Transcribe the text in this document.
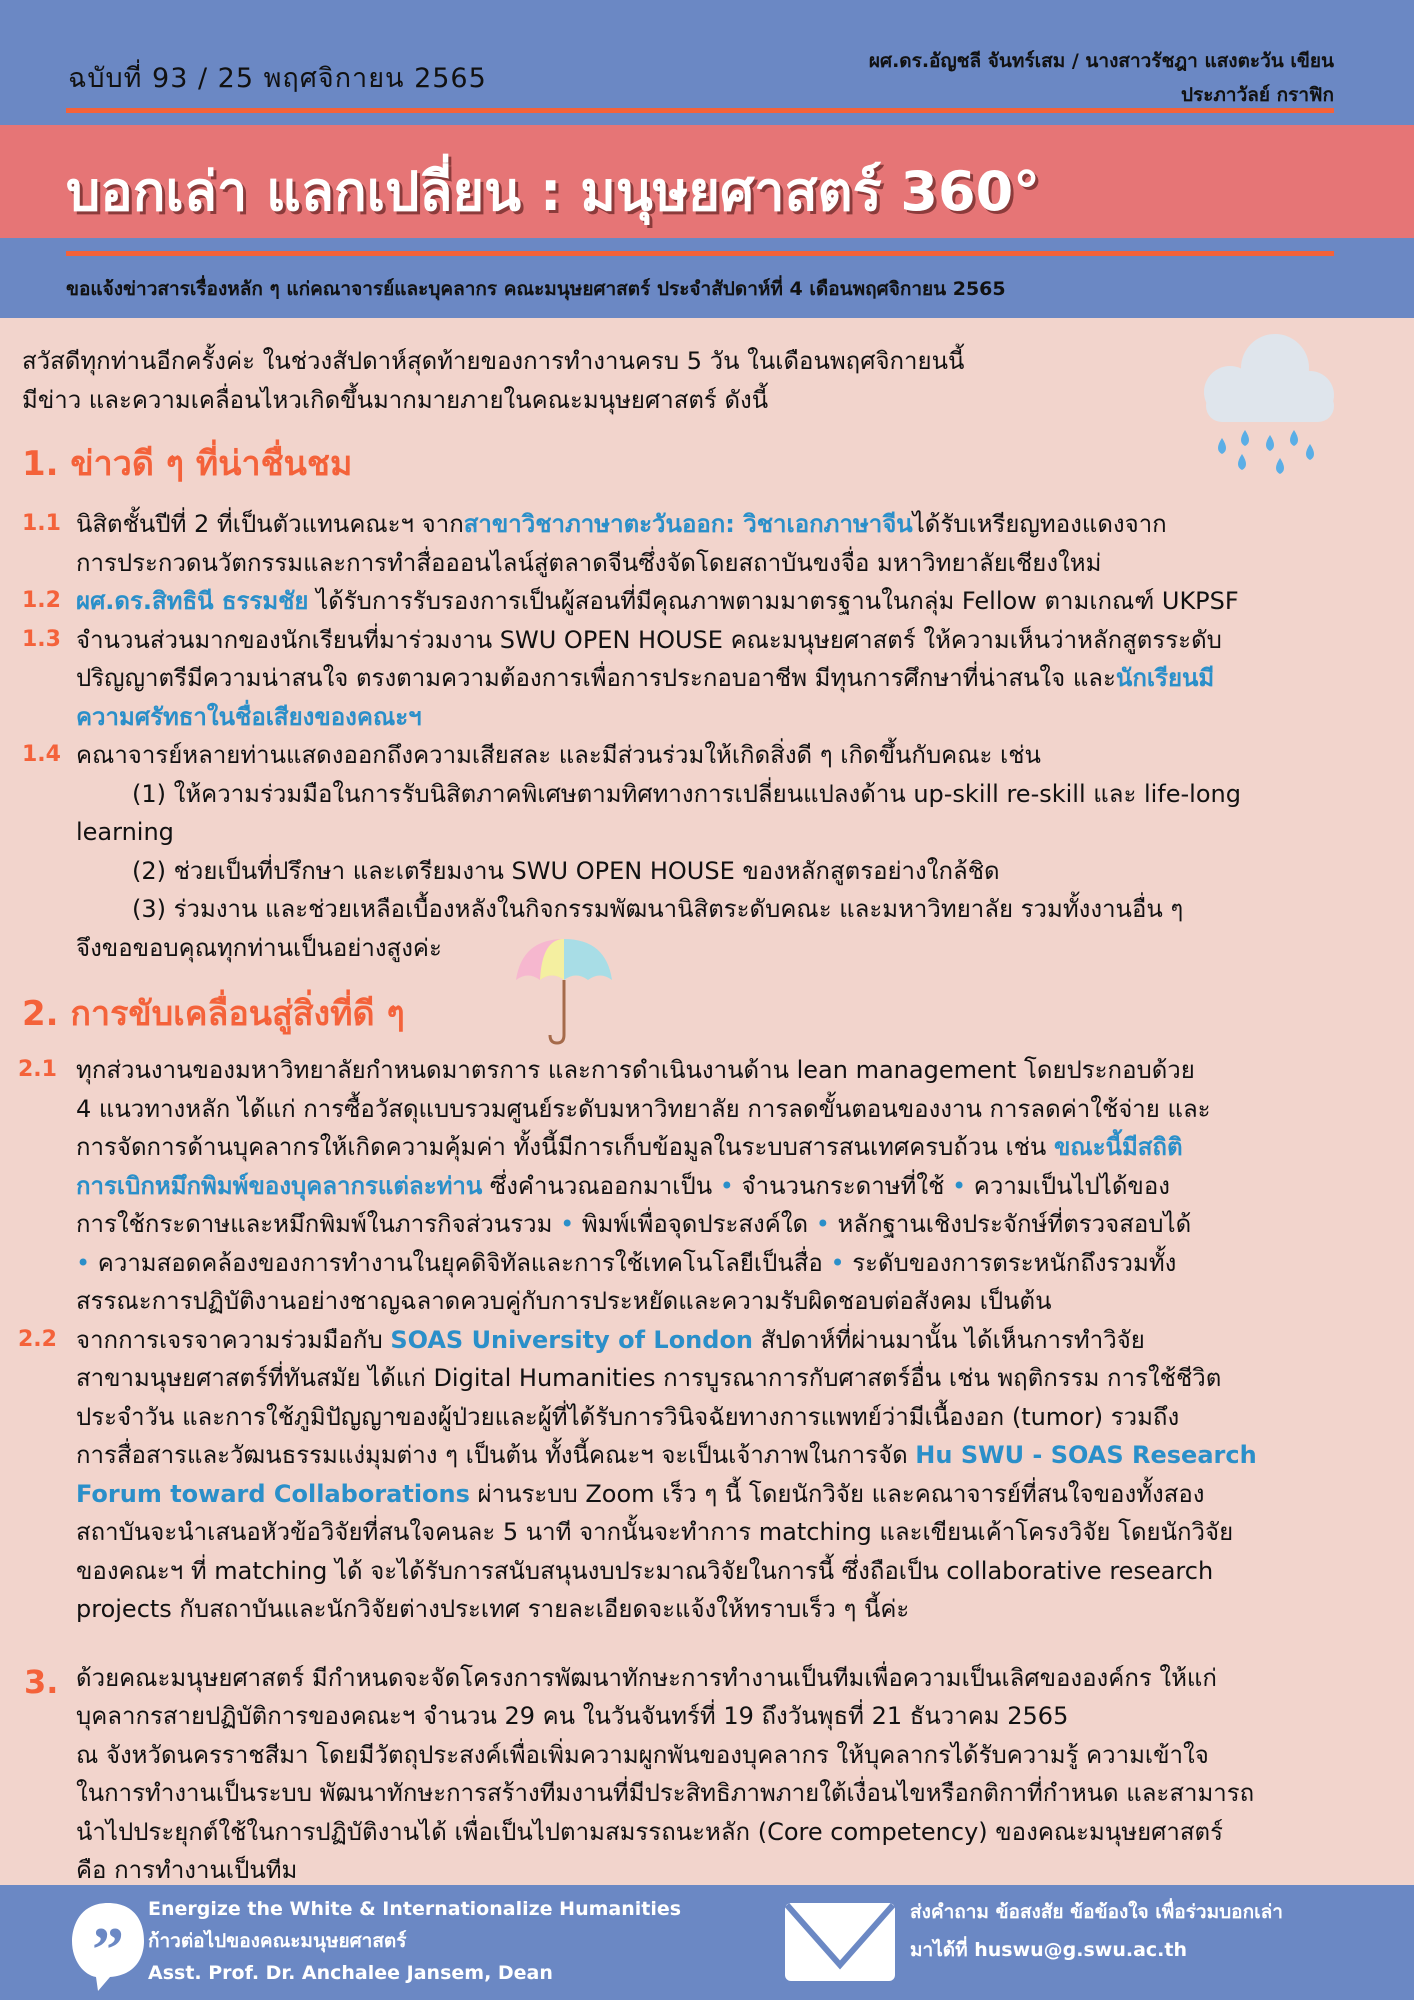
ฉบับที่ 93 / 25 พฤศจิกายน 2565
ผศ.ดร.อัญชลี จันทร์เสม / นางสาวรัชฎา แสงตะวัน เขียน
ประภาวัลย์ กราฟิก
บอกเล่า แลกเปลี่ยน : มนุษยศาสตร์ 360°
ขอแจ้งข่าวสารเรื่องหลัก ๆ แก่คณาจารย์และบุคลากร คณะมนุษยศาสตร์ ประจำสัปดาห์ที่ 4 เดือนพฤศจิกายน 2565
สวัสดีทุกท่านอีกครั้งค่ะ ในช่วงสัปดาห์สุดท้ายของการทำงานครบ 5 วัน ในเดือนพฤศจิกายนนี้
มีข่าว และความเคลื่อนไหวเกิดขึ้นมากมายภายในคณะมนุษยศาสตร์ ดังนี้
1. ข่าวดี ๆ ที่น่าชื่นชม
1.1 นิสิตชั้นปีที่ 2 ที่เป็นตัวแทนคณะฯ จากสาขาวิชาภาษาตะวันออก: วิชาเอกภาษาจีนได้รับเหรียญทองแดงจาก
การประกวดนวัตกรรมและการทำสื่อออนไลน์สู่ตลาดจีนซึ่งจัดโดยสถาบันขงจื่อ มหาวิทยาลัยเชียงใหม่
1.2 ผศ.ดร.สิทธินี ธรรมชัย ได้รับการรับรองการเป็นผู้สอนที่มีคุณภาพตามมาตรฐานในกลุ่ม Fellow ตามเกณฑ์ UKPSF
1.3 จำนวนส่วนมากของนักเรียนที่มาร่วมงาน SWU OPEN HOUSE คณะมนุษยศาสตร์ ให้ความเห็นว่าหลักสูตรระดับ
ปริญญาตรีมีความน่าสนใจ ตรงตามความต้องการเพื่อการประกอบอาชีพ มีทุนการศึกษาที่น่าสนใจ และนักเรียนมี
ความศรัทธาในชื่อเสียงของคณะฯ
1.4 คณาจารย์หลายท่านแสดงออกถึงความเสียสละ และมีส่วนร่วมให้เกิดสิ่งดี ๆ เกิดขึ้นกับคณะ เช่น
(1) ให้ความร่วมมือในการรับนิสิตภาคพิเศษตามทิศทางการเปลี่ยนแปลงด้าน up-skill re-skill และ life-long
learning
(2) ช่วยเป็นที่ปรึกษา และเตรียมงาน SWU OPEN HOUSE ของหลักสูตรอย่างใกล้ชิด
(3) ร่วมงาน และช่วยเหลือเบื้องหลังในกิจกรรมพัฒนานิสิตระดับคณะ และมหาวิทยาลัย รวมทั้งงานอื่น ๆ
จึงขอขอบคุณทุกท่านเป็นอย่างสูงค่ะ
2. การขับเคลื่อนสู่สิ่งที่ดี ๆ
2.1 ทุกส่วนงานของมหาวิทยาลัยกำหนดมาตรการ และการดำเนินงานด้าน lean management โดยประกอบด้วย
4 แนวทางหลัก ได้แก่ การซื้อวัสดุแบบรวมศูนย์ระดับมหาวิทยาลัย การลดขั้นตอนของงาน การลดค่าใช้จ่าย และ
การจัดการด้านบุคลากรให้เกิดความคุ้มค่า ทั้งนี้มีการเก็บข้อมูลในระบบสารสนเทศครบถ้วน เช่น ขณะนี้มีสถิติ
การเบิกหมึกพิมพ์ของบุคลากรแต่ละท่าน ซึ่งคำนวณออกมาเป็น • จำนวนกระดาษที่ใช้ • ความเป็นไปได้ของ
การใช้กระดาษและหมึกพิมพ์ในภารกิจส่วนรวม • พิมพ์เพื่อจุดประสงค์ใด • หลักฐานเชิงประจักษ์ที่ตรวจสอบได้
• ความสอดคล้องของการทำงานในยุคดิจิทัลและการใช้เทคโนโลยีเป็นสื่อ • ระดับของการตระหนักถึงรวมทั้ง
สรรณะการปฏิบัติงานอย่างชาญฉลาดควบคู่กับการประหยัดและความรับผิดชอบต่อสังคม เป็นต้น
2.2 จากการเจรจาความร่วมมือกับ SOAS University of London สัปดาห์ที่ผ่านมานั้น ได้เห็นการทำวิจัย
สาขามนุษยศาสตร์ที่ทันสมัย ได้แก่ Digital Humanities การบูรณาการกับศาสตร์อื่น เช่น พฤติกรรม การใช้ชีวิต
ประจำวัน และการใช้ภูมิปัญญาของผู้ป่วยและผู้ที่ได้รับการวินิจฉัยทางการแพทย์ว่ามีเนื้องอก (tumor) รวมถึง
การสื่อสารและวัฒนธรรมแง่มุมต่าง ๆ เป็นต้น ทั้งนี้คณะฯ จะเป็นเจ้าภาพในการจัด Hu SWU - SOAS Research
Forum toward Collaborations ผ่านระบบ Zoom เร็ว ๆ นี้ โดยนักวิจัย และคณาจารย์ที่สนใจของทั้งสอง
สถาบันจะนำเสนอหัวข้อวิจัยที่สนใจคนละ 5 นาที จากนั้นจะทำการ matching และเขียนเค้าโครงวิจัย โดยนักวิจัย
ของคณะฯ ที่ matching ได้ จะได้รับการสนับสนุนงบประมาณวิจัยในการนี้ ซึ่งถือเป็น collaborative research
projects กับสถาบันและนักวิจัยต่างประเทศ รายละเอียดจะแจ้งให้ทราบเร็ว ๆ นี้ค่ะ
3. ด้วยคณะมนุษยศาสตร์ มีกำหนดจะจัดโครงการพัฒนาทักษะการทำงานเป็นทีมเพื่อความเป็นเลิศขององค์กร ให้แก่
บุคลากรสายปฏิบัติการของคณะฯ จำนวน 29 คน ในวันจันทร์ที่ 19 ถึงวันพุธที่ 21 ธันวาคม 2565
ณ จังหวัดนครราชสีมา โดยมีวัตถุประสงค์เพื่อเพิ่มความผูกพันของบุคลากร ให้บุคลากรได้รับความรู้ ความเข้าใจ
ในการทำงานเป็นระบบ พัฒนาทักษะการสร้างทีมงานที่มีประสิทธิภาพภายใต้เงื่อนไขหรือกติกาที่กำหนด และสามารถ
นำไปประยุกต์ใช้ในการปฏิบัติงานได้ เพื่อเป็นไปตามสมรรถนะหลัก (Core competency) ของคณะมนุษยศาสตร์
คือ การทำงานเป็นทีม
”
Energize the White & Internationalize Humanities
ก้าวต่อไปของคณะมนุษยศาสตร์
Asst. Prof. Dr. Anchalee Jansem, Dean
ส่งคำถาม ข้อสงสัย ข้อข้องใจ เพื่อร่วมบอกเล่า
มาได้ที่ huswu@g.swu.ac.th
